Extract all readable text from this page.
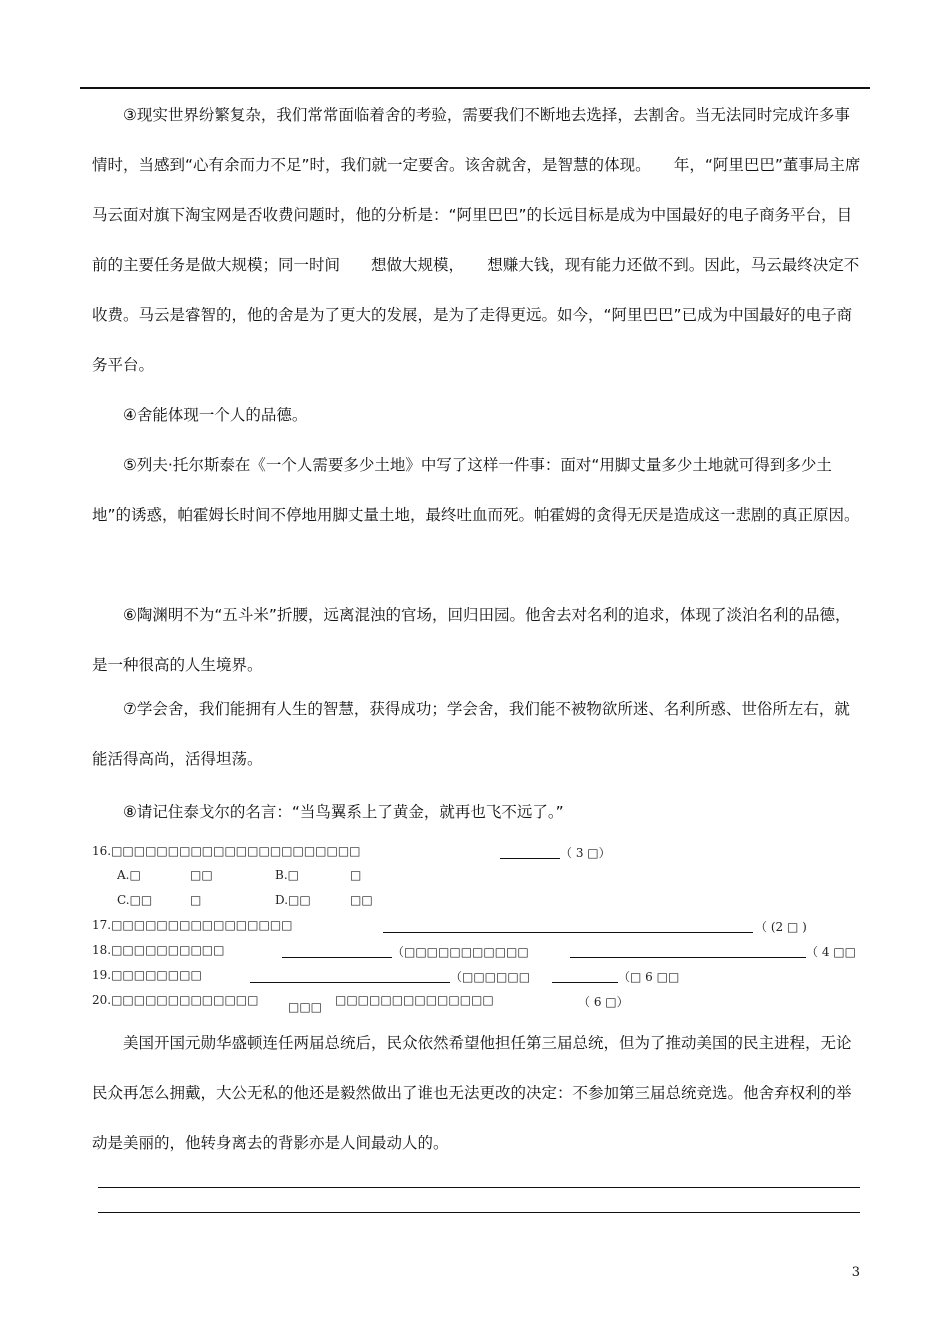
③现实世界纷繁复杂，我们常常面临着舍的考验，需要我们不断地去选择，去割舍。当无法同时完成许多事情时，当感到“心有余而力不足”时，我们就一定要舍。该舍就舍，是智慧的体现。　　年，“阿里巴巴”董事局主席马云面对旗下淘宝网是否收费问题时，他的分析是：“阿里巴巴”的长远目标是成为中国最好的电子商务平台，目前的主要任务是做大规模；同一时间　　想做大规模，　　想赚大钱，现有能力还做不到。因此，马云最终决定不收费。马云是睿智的，他的舍是为了更大的发展，是为了走得更远。如今，“阿里巴巴”已成为中国最好的电子商务平台。

④舍能体现一个人的品德。

⑤列夫·托尔斯泰在《一个人需要多少土地》中写了这样一件事：面对“用脚丈量多少土地就可得到多少土地”的诱惑，帕霍姆长时间不停地用脚丈量土地，最终吐血而死。帕霍姆的贪得无厌是造成这一悲剧的真正原因。

⑥陶渊明不为“五斗米”折腰，远离混浊的官场，回归田园。他舍去对名利的追求，体现了淡泊名利的品德，是一种很高的人生境界。

⑦学会舍，我们能拥有人生的智慧，获得成功；学会舍，我们能不被物欲所迷、名利所惑、世俗所左右，就能活得高尚，活得坦荡。

⑧请记住泰戈尔的名言：“当鸟翼系上了黄金，就再也飞不远了。”

16.□□□□□□□□□□□□□□□□□□□□□□	（ 3 □）
A.□	□□	B.□	□
C.□□	□	D.□□	□□
17.□□□□□□□□□□□□□□□□	（ (2 □ )
18.□□□□□□□□□□	（□□□□□□□□□□□	（ 4 □□
19.□□□□□□□□	（□□□□□□	（□ 6 □□
20.□□□□□□□□□□□□□ □□□ □□□□□□□□□□□□□□	（ 6 □）

美国开国元勋华盛顿连任两届总统后，民众依然希望他担任第三届总统，但为了推动美国的民主进程，无论民众再怎么拥戴，大公无私的他还是毅然做出了谁也无法更改的决定：不参加第三届总统竞选。他舍弃权利的举动是美丽的，他转身离去的背影亦是人间最动人的。

3
